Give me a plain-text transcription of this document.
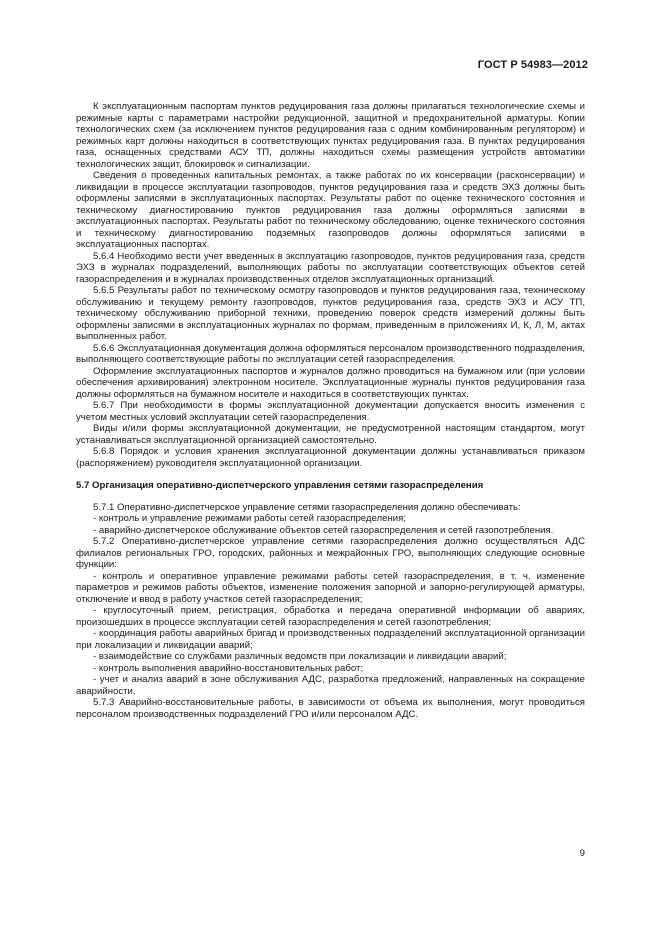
ГОСТ Р 54983—2012

К эксплуатационным паспортам пунктов редуцирования газа должны прилагаться технологические схемы и режимные карты с параметрами настройки редукционной, защитной и предохранительной арматуры. Копии технологических схем (за исключением пунктов редуцирования газа с одним комбинированным регулятором) и режимных карт должны находиться в соответствующих пунктах редуцирования газа. В пунктах редуцирования газа, оснащенных средствами АСУ ТП, должны находиться схемы размещения устройств автоматики технологических защит, блокировок и сигнализации.

Сведения о проведенных капитальных ремонтах, а также работах по их консервации (расконсервации) и ликвидации в процессе эксплуатации газопроводов, пунктов редуцирования газа и средств ЭХЗ должны быть оформлены записями в эксплуатационных паспортах. Результаты работ по оценке технического состояния и техническому диагностированию пунктов редуцирования газа должны оформляться записями в эксплуатационных паспортах. Результаты работ по техническому обследованию, оценке технического состояния и техническому диагностированию подземных газопроводов должны оформляться записями в эксплуатационных паспортах.

5.6.4 Необходимо вести учет введенных в эксплуатацию газопроводов, пунктов редуцирования газа, средств ЭХЗ в журналах подразделений, выполняющих работы по эксплуатации соответствующих объектов сетей газораспределения и в журналах производственных отделов эксплуатационных организаций.

5.6.5 Результаты работ по техническому осмотру газопроводов и пунктов редуцирования газа, техническому обслуживанию и текущему ремонту газопроводов, пунктов редуцирования газа, средств ЭХЗ и АСУ ТП, техническому обслуживанию приборной техники, проведению поверок средств измерений должны быть оформлены записями в эксплуатационных журналах по формам, приведенным в приложениях И, К, Л, М, актах выполненных работ.

5.6.6 Эксплуатационная документация должна оформляться персоналом производственного подразделения, выполняющего соответствующие работы по эксплуатации сетей газораспределения.

Оформление эксплуатационных паспортов и журналов должно проводиться на бумажном или (при условии обеспечения архивирования) электронном носителе. Эксплуатационные журналы пунктов редуцирования газа должны оформляться на бумажном носителе и находиться в соответствующих пунктах.

5.6.7 При необходимости в формы эксплуатационной документации допускается вносить изменения с учетом местных условий эксплуатации сетей газораспределения.

Виды и/или формы эксплуатационной документации, не предусмотренной настоящим стандартом, могут устанавливаться эксплуатационной организацией самостоятельно.

5.6.8 Порядок и условия хранения эксплуатационной документации должны устанавливаться приказом (распоряжением) руководителя эксплуатационной организации.

5.7 Организация оперативно-диспетчерского управления сетями газораспределения

5.7.1 Оперативно-диспетчерское управление сетями газораспределения должно обеспечивать:

- контроль и управление режимами работы сетей газораспределения;

- аварийно-диспетчерское обслуживание объектов сетей газораспределения и сетей газопотребления.

5.7.2 Оперативно-диспетчерское управление сетями газораспределения должно осуществляться АДС филиалов региональных ГРО, городских, районных и межрайонных ГРО, выполняющих следующие основные функции:

- контроль и оперативное управление режимами работы сетей газораспределения, в т. ч. изменение параметров и режимов работы объектов, изменение положения запорной и запорно-регулирующей арматуры, отключение и ввод в работу участков сетей газораспределения;

- круглосуточный прием, регистрация, обработка и передача оперативной информации об авариях, произошедших в процессе эксплуатации сетей газораспределения и сетей газопотребления;

- координация работы аварийных бригад и производственных подразделений эксплуатационной организации при локализации и ликвидации аварий;

- взаимодействие со службами различных ведомств при локализации и ликвидации аварий;

- контроль выполнения аварийно-восстановительных работ;

- учет и анализ аварий в зоне обслуживания АДС, разработка предложений, направленных на сокращение аварийности.

5.7.3 Аварийно-восстановительные работы, в зависимости от объема их выполнения, могут проводиться персоналом производственных подразделений ГРО и/или персоналом АДС.

9
